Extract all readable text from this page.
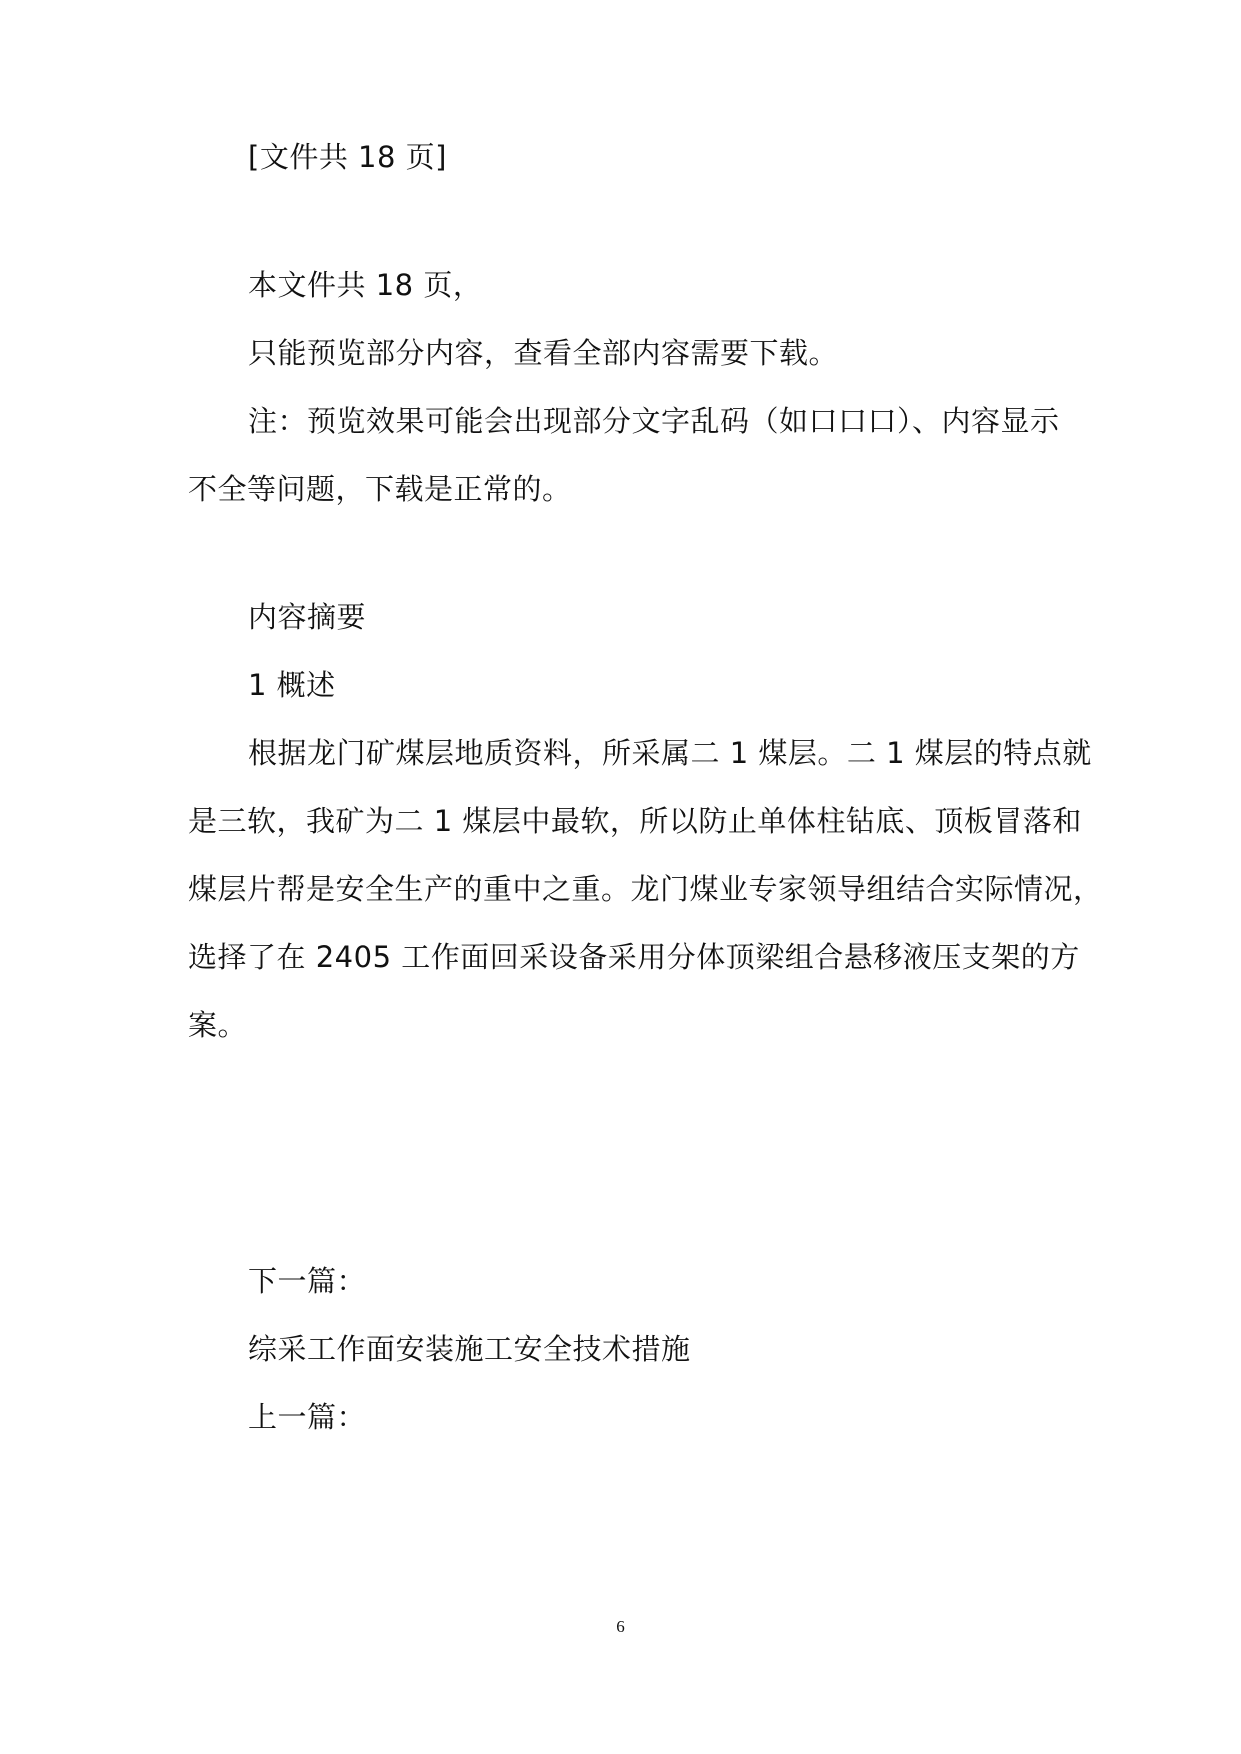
[文件共 18 页]
本文件共 18 页，
只能预览部分内容，查看全部内容需要下载。
注：预览效果可能会出现部分文字乱码（如口口口）、内容显示
不全等问题，下载是正常的。
内容摘要
1 概述
根据龙门矿煤层地质资料，所采属二 1 煤层。二 1 煤层的特点就
是三软，我矿为二 1 煤层中最软，所以防止单体柱钻底、顶板冒落和
煤层片帮是安全生产的重中之重。龙门煤业专家领导组结合实际情况，
选择了在 2405 工作面回采设备采用分体顶梁组合悬移液压支架的方
案。
下一篇：
综采工作面安装施工安全技术措施
上一篇：
6
